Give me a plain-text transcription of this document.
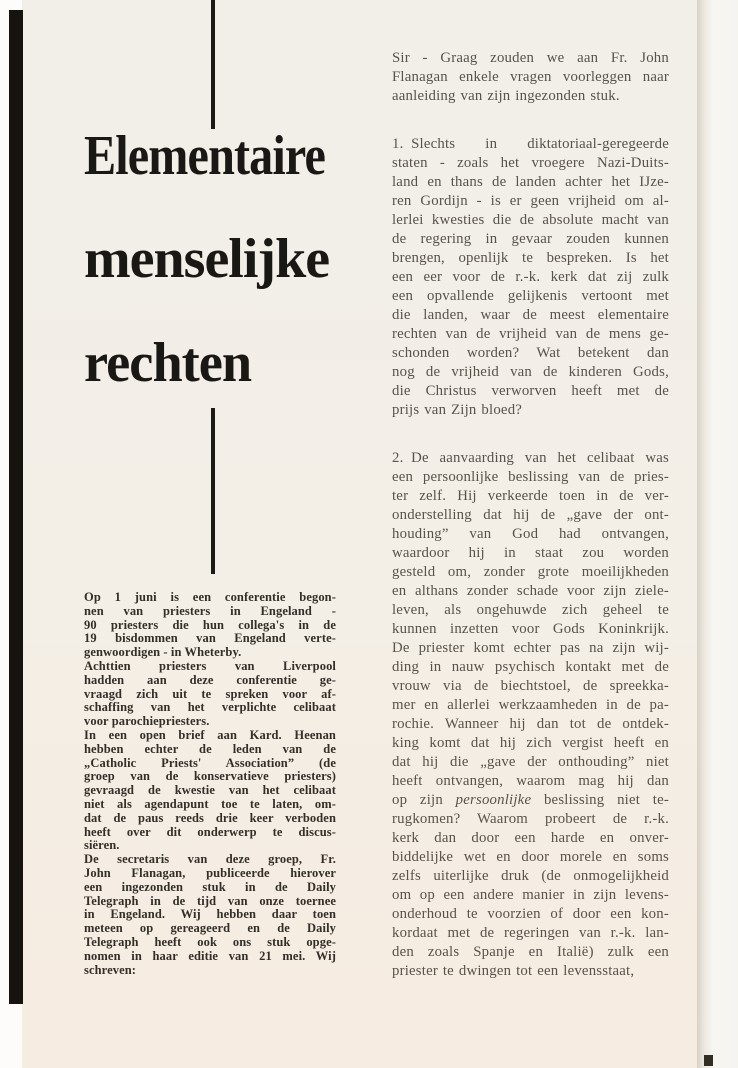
Elementaire
menselijke
rechten
Op 1 juni is een conferentie begon-
nen van priesters in Engeland -
90 priesters die hun collega's in de
19 bisdommen van Engeland verte-
genwoordigen - in Wheterby.
Achttien priesters van Liverpool
hadden aan deze conferentie ge-
vraagd zich uit te spreken voor af-
schaffing van het verplichte celibaat
voor parochiepriesters.
In een open brief aan Kard. Heenan
hebben echter de leden van de
„Catholic Priests' Association” (de
groep van de konservatieve priesters)
gevraagd de kwestie van het celibaat
niet als agendapunt toe te laten, om-
dat de paus reeds drie keer verboden
heeft over dit onderwerp te discus-
siëren.
De secretaris van deze groep, Fr.
John Flanagan, publiceerde hierover
een ingezonden stuk in de Daily
Telegraph in de tijd van onze toernee
in Engeland. Wij hebben daar toen
meteen op gereageerd en de Daily
Telegraph heeft ook ons stuk opge-
nomen in haar editie van 21 mei. Wij
schreven:
Sir - Graag zouden we aan Fr. John
Flanagan enkele vragen voorleggen naar
aanleiding van zijn ingezonden stuk.
1. Slechts in diktatoriaal-geregeerde
staten - zoals het vroegere Nazi-Duits-
land en thans de landen achter het IJze-
ren Gordijn - is er geen vrijheid om al-
lerlei kwesties die de absolute macht van
de regering in gevaar zouden kunnen
brengen, openlijk te bespreken. Is het
een eer voor de r.-k. kerk dat zij zulk
een opvallende gelijkenis vertoont met
die landen, waar de meest elementaire
rechten van de vrijheid van de mens ge-
schonden worden? Wat betekent dan
nog de vrijheid van de kinderen Gods,
die Christus verworven heeft met de
prijs van Zijn bloed?
2. De aanvaarding van het celibaat was
een persoonlijke beslissing van de pries-
ter zelf. Hij verkeerde toen in de ver-
onderstelling dat hij de „gave der ont-
houding” van God had ontvangen,
waardoor hij in staat zou worden
gesteld om, zonder grote moeilijkheden
en althans zonder schade voor zijn ziele-
leven, als ongehuwde zich geheel te
kunnen inzetten voor Gods Koninkrijk.
De priester komt echter pas na zijn wij-
ding in nauw psychisch kontakt met de
vrouw via de biechtstoel, de spreekka-
mer en allerlei werkzaamheden in de pa-
rochie. Wanneer hij dan tot de ontdek-
king komt dat hij zich vergist heeft en
dat hij die „gave der onthouding” niet
heeft ontvangen, waarom mag hij dan
op zijn persoonlijke beslissing niet te-
rugkomen? Waarom probeert de r.-k.
kerk dan door een harde en onver-
biddelijke wet en door morele en soms
zelfs uiterlijke druk (de onmogelijkheid
om op een andere manier in zijn levens-
onderhoud te voorzien of door een kon-
kordaat met de regeringen van r.-k. lan-
den zoals Spanje en Italië) zulk een
priester te dwingen tot een levensstaat,
